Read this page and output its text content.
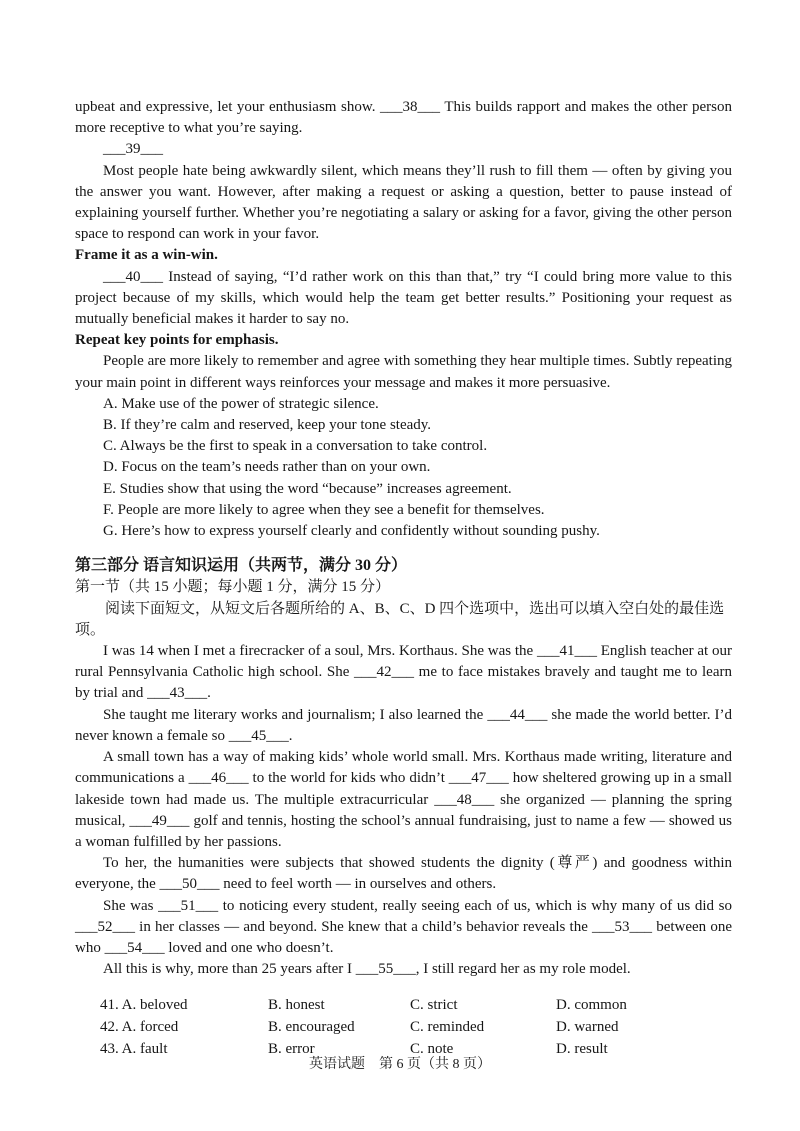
upbeat and expressive, let your enthusiasm show. ___38___ This builds rapport and makes the other person more receptive to what you’re saying.

___39___

Most people hate being awkwardly silent, which means they’ll rush to fill them — often by giving you the answer you want. However, after making a request or asking a question, better to pause instead of explaining yourself further. Whether you’re negotiating a salary or asking for a favor, giving the other person space to respond can work in your favor.

Frame it as a win-win.

___40___ Instead of saying, “I’d rather work on this than that,” try “I could bring more value to this project because of my skills, which would help the team get better results.” Positioning your request as mutually beneficial makes it harder to say no.

Repeat key points for emphasis.

People are more likely to remember and agree with something they hear multiple times. Subtly repeating your main point in different ways reinforces your message and makes it more persuasive.

A. Make use of the power of strategic silence.

B. If they’re calm and reserved, keep your tone steady.

C. Always be the first to speak in a conversation to take control.

D. Focus on the team’s needs rather than on your own.

E. Studies show that using the word “because” increases agreement.

F. People are more likely to agree when they see a benefit for themselves.

G. Here’s how to express yourself clearly and confidently without sounding pushy.

第三部分 语言知识运用（共两节，满分 30 分）

第一节（共 15 小题；每小题 1 分，满分 15 分）

阅读下面短文，从短文后各题所给的 A、B、C、D 四个选项中，选出可以填入空白处的最佳选项。

I was 14 when I met a firecracker of a soul, Mrs. Korthaus. She was the ___41___ English teacher at our rural Pennsylvania Catholic high school. She ___42___ me to face mistakes bravely and taught me to learn by trial and ___43___.

She taught me literary works and journalism; I also learned the ___44___ she made the world better. I’d never known a female so ___45___.

A small town has a way of making kids’ whole world small. Mrs. Korthaus made writing, literature and communications a ___46___ to the world for kids who didn’t ___47___ how sheltered growing up in a small lakeside town had made us. The multiple extracurricular ___48___ she organized — planning the spring musical, ___49___ golf and tennis, hosting the school’s annual fundraising, just to name a few — showed us a woman fulfilled by her passions.

To her, the humanities were subjects that showed students the dignity (尊严) and goodness within everyone, the ___50___ need to feel worth — in ourselves and others.

She was ___51___ to noticing every student, really seeing each of us, which is why many of us did so ___52___ in her classes — and beyond. She knew that a child’s behavior reveals the ___53___ between one who ___54___ loved and one who doesn’t.

All this is why, more than 25 years after I ___55___, I still regard her as my role model.

41. A. beloved	B. honest	C. strict	D. common
42. A. forced	B. encouraged	C. reminded	D. warned
43. A. fault	B. error	C. note	D. result
英语试题　第 6 页（共 8 页）
